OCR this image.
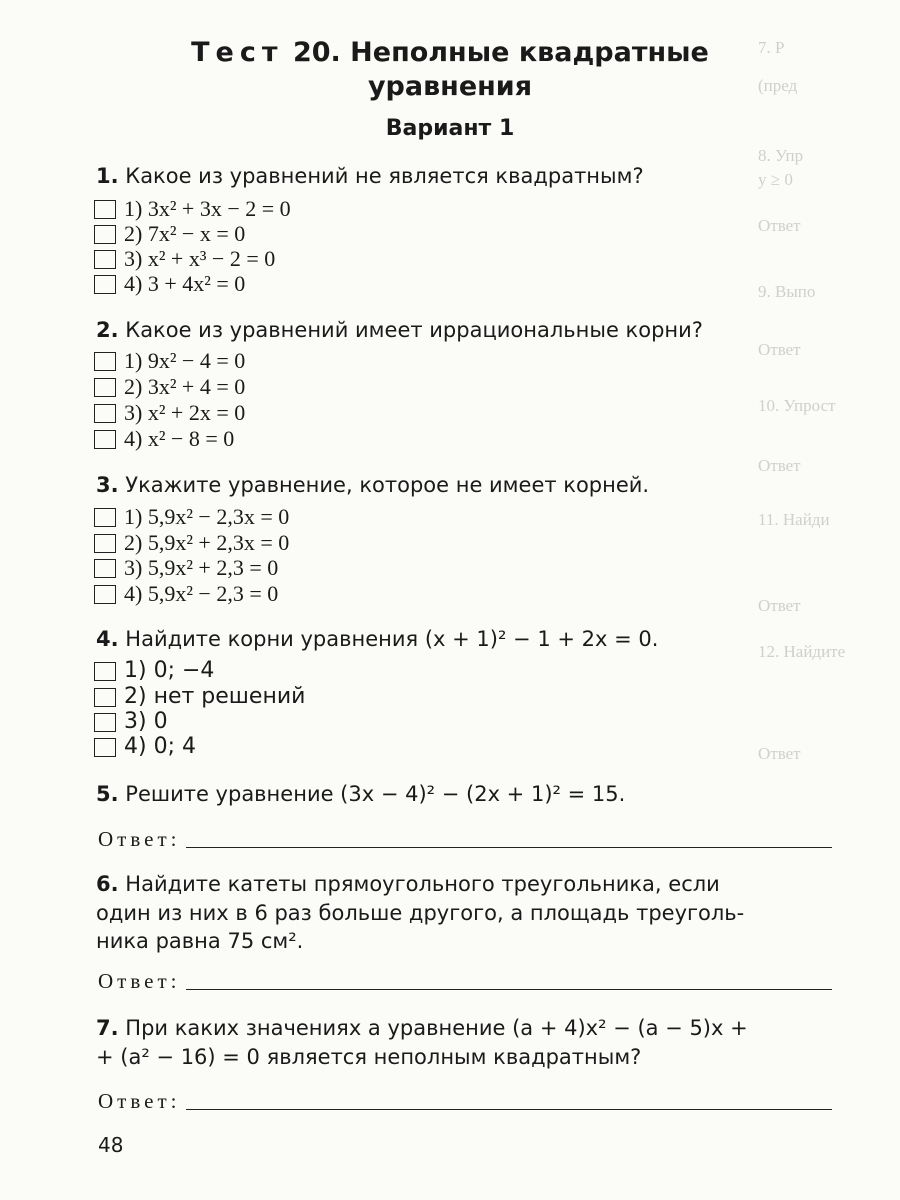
7. Р
(пред
8. Упр
y ≥ 0
Ответ
9. Выпо
Ответ
10. Упрост
Ответ
11. Найди
Ответ
12. Найдите
Ответ
Тест 20. Неполные квадратные
уравнения
Вариант 1
1. Какое из уравнений не является квадратным?
1) 3x² + 3x − 2 = 0
2) 7x² − x = 0
3) x² + x³ − 2 = 0
4) 3 + 4x² = 0
2. Какое из уравнений имеет иррациональные корни?
1) 9x² − 4 = 0
2) 3x² + 4 = 0
3) x² + 2x = 0
4) x² − 8 = 0
3. Укажите уравнение, которое не имеет корней.
1) 5,9x² − 2,3x = 0
2) 5,9x² + 2,3x = 0
3) 5,9x² + 2,3 = 0
4) 5,9x² − 2,3 = 0
4. Найдите корни уравнения (x + 1)² − 1 + 2x = 0.
1) 0; −4
2) нет решений
3) 0
4) 0; 4
5. Решите уравнение (3x − 4)² − (2x + 1)² = 15.
Ответ:
6. Найдите катеты прямоугольного треугольника, если
один из них в 6 раз больше другого, а площадь треуголь-
ника равна 75 см².
Ответ:
7. При каких значениях a уравнение (a + 4)x² − (a − 5)x +
+ (a² − 16) = 0 является неполным квадратным?
Ответ:
48
